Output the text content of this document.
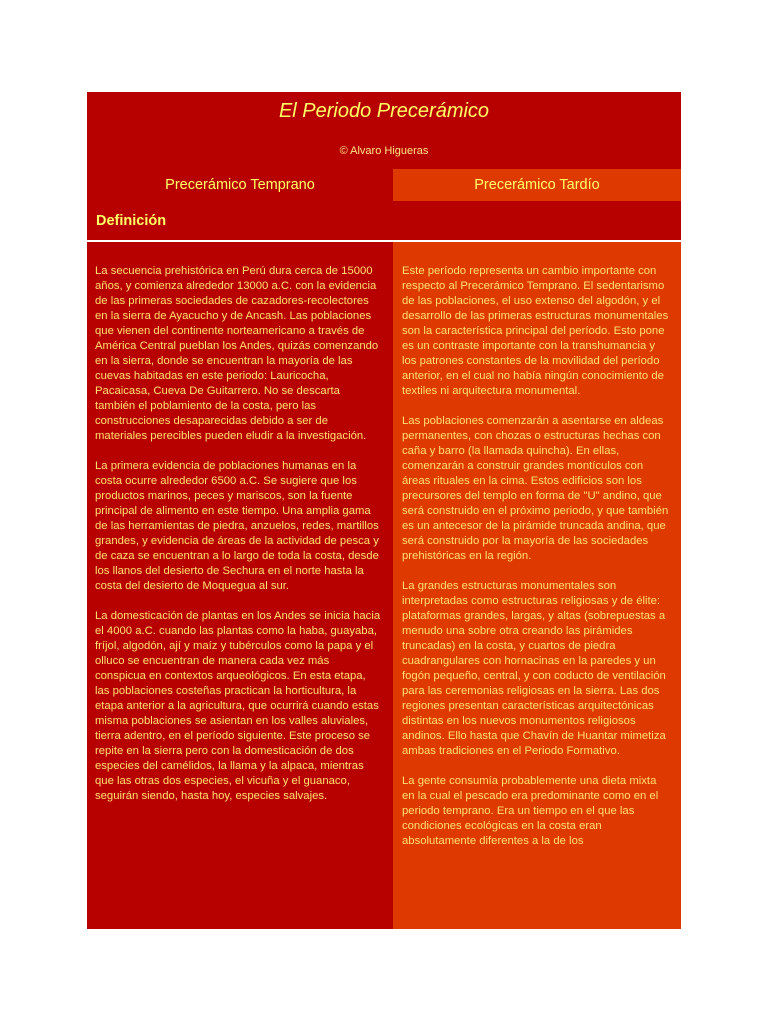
El Periodo Precerámico
© Alvaro Higueras
Precerámico Temprano	Precerámico Tardío
Definición

La secuencia prehistórica en Perú dura cerca de 15000 años, y comienza alrededor 13000 a.C. con la evidencia de las primeras sociedades de cazadores-recolectores en la sierra de Ayacucho y de Ancash. Las poblaciones que vienen del continente norteamericano a través de América Central pueblan los Andes, quizás comenzando en la sierra, donde se encuentran la mayoría de las cuevas habitadas en este periodo: Lauricocha, Pacaicasa, Cueva De Guitarrero. No se descarta también el poblamiento de la costa, pero las construcciones desaparecidas debido a ser de materiales perecibles pueden eludir a la investigación.

La primera evidencia de poblaciones humanas en la costa ocurre alrededor 6500 a.C. Se sugiere que los productos marinos, peces y mariscos, son la fuente principal de alimento en este tiempo. Una amplia gama de las herramientas de piedra, anzuelos, redes, martillos grandes, y evidencia de áreas de la actividad de pesca y de caza se encuentran a lo largo de toda la costa, desde los llanos del desierto de Sechura en el norte hasta la costa del desierto de Moquegua al sur.

La domesticación de plantas en los Andes se inicia hacia el 4000 a.C. cuando las plantas como la haba, guayaba, fríjol, algodón, ají y maíz y tubérculos como la papa y el olluco se encuentran de manera cada vez más conspicua en contextos arqueológicos. En esta etapa, las poblaciones costeñas practican la horticultura, la etapa anterior a la agricultura, que ocurrirá cuando estas misma poblaciones se asientan en los valles aluviales, tierra adentro, en el período siguiente. Este proceso se repite en la sierra pero con la domesticación de dos especies del camélidos, la llama y la alpaca, mientras que las otras dos especies, el vicuña y el guanaco, seguirán siendo, hasta hoy, especies salvajes.

Este período representa un cambio importante con respecto al Precerámico Temprano. El sedentarismo de las poblaciones, el uso extenso del algodón, y el desarrollo de las primeras estructuras monumentales son la característica principal del período. Esto pone es un contraste importante con la transhumancia y los patrones constantes de la movilidad del período anterior, en el cual no había ningún conocimiento de textiles ni arquitectura monumental.

Las poblaciones comenzarán a asentarse en aldeas permanentes, con chozas o estructuras hechas con caña y barro (la llamada quincha). En ellas, comenzarán a construir grandes montículos con áreas rituales en la cima. Estos edificios son los precursores del templo en forma de "U" andino, que será construido en el próximo periodo, y que también es un antecesor de la pirámide truncada andina, que será construido por la mayoría de las sociedades prehistóricas en la región.

La grandes estructuras monumentales son interpretadas como estructuras religiosas y de élite: plataformas grandes, largas, y altas (sobrepuestas a menudo una sobre otra creando las pirámides truncadas) en la costa, y cuartos de piedra cuadrangulares con hornacinas en la paredes y un fogón pequeño, central, y con coducto de ventilación para las ceremonias religiosas en la sierra. Las dos regiones presentan características arquitectónicas distintas en los nuevos monumentos religiosos andinos. Ello hasta que Chavín de Huantar mimetiza ambas tradiciones en el Periodo Formativo.

La gente consumía probablemente una dieta mixta en la cual el pescado era predominante como en el periodo temprano. Era un tiempo en el que las condiciones ecológicas en la costa eran absolutamente diferentes a la de los
